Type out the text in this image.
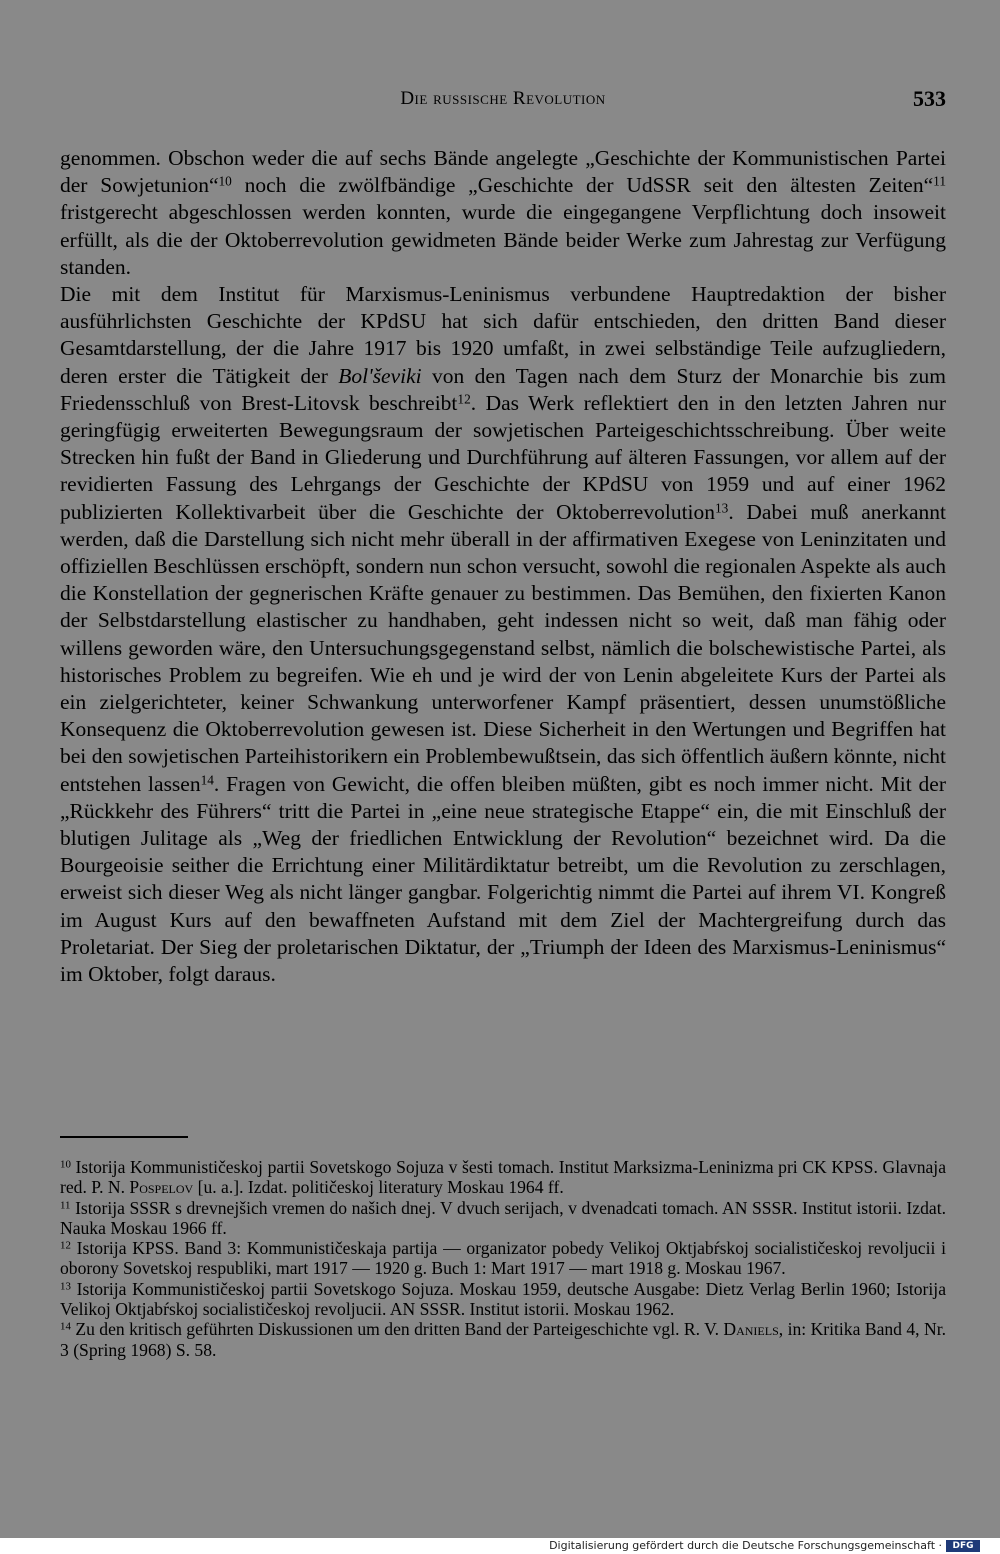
Die russische Revolution	533

genommen. Obschon weder die auf sechs Bände angelegte „Geschichte der Kommunistischen Partei der Sowjetunion“$^{10}$ noch die zwölfbändige „Geschichte der UdSSR seit den ältesten Zeiten“$^{11}$ fristgerecht abgeschlossen werden konnten, wurde die eingegangene Verpflichtung doch insoweit erfüllt, als die der Oktoberrevolution gewidmeten Bände beider Werke zum Jahrestag zur Verfügung standen.

Die mit dem Institut für Marxismus-Leninismus verbundene Hauptredaktion der bisher ausführlichsten Geschichte der KPdSU hat sich dafür entschieden, den dritten Band dieser Gesamtdarstellung, der die Jahre 1917 bis 1920 umfaßt, in zwei selbständige Teile aufzugliedern, deren erster die Tätigkeit der Bol'ševiki von den Tagen nach dem Sturz der Monarchie bis zum Friedensschluß von Brest-Litovsk beschreibt$^{12}$. Das Werk reflektiert den in den letzten Jahren nur geringfügig erweiterten Bewegungsraum der sowjetischen Parteigeschichtsschreibung. Über weite Strecken hin fußt der Band in Gliederung und Durchführung auf älteren Fassungen, vor allem auf der revidierten Fassung des Lehrgangs der Geschichte der KPdSU von 1959 und auf einer 1962 publizierten Kollektivarbeit über die Geschichte der Oktoberrevolution$^{13}$. Dabei muß anerkannt werden, daß die Darstellung sich nicht mehr überall in der affirmativen Exegese von Leninzitaten und offiziellen Beschlüssen erschöpft, sondern nun schon versucht, sowohl die regionalen Aspekte als auch die Konstellation der gegnerischen Kräfte genauer zu bestimmen. Das Bemühen, den fixierten Kanon der Selbstdarstellung elastischer zu handhaben, geht indessen nicht so weit, daß man fähig oder willens geworden wäre, den Untersuchungsgegenstand selbst, nämlich die bolschewistische Partei, als historisches Problem zu begreifen. Wie eh und je wird der von Lenin abgeleitete Kurs der Partei als ein zielgerichteter, keiner Schwankung unterworfener Kampf präsentiert, dessen unumstößliche Konsequenz die Oktoberrevolution gewesen ist. Diese Sicherheit in den Wertungen und Begriffen hat bei den sowjetischen Parteihistorikern ein Problembewußtsein, das sich öffentlich äußern könnte, nicht entstehen lassen$^{14}$. Fragen von Gewicht, die offen bleiben müßten, gibt es noch immer nicht. Mit der „Rückkehr des Führers“ tritt die Partei in „eine neue strategische Etappe“ ein, die mit Einschluß der blutigen Julitage als „Weg der friedlichen Entwicklung der Revolution“ bezeichnet wird. Da die Bourgeoisie seither die Errichtung einer Militärdiktatur betreibt, um die Revolution zu zerschlagen, erweist sich dieser Weg als nicht länger gangbar. Folgerichtig nimmt die Partei auf ihrem VI. Kongreß im August Kurs auf den bewaffneten Aufstand mit dem Ziel der Machtergreifung durch das Proletariat. Der Sieg der proletarischen Diktatur, der „Triumph der Ideen des Marxismus-Leninismus“ im Oktober, folgt daraus.

$^{10}$ Istorija Kommunističeskoj partii Sovetskogo Sojuza v šesti tomach. Institut Marksizma-Leninizma pri CK KPSS. Glavnaja red. P. N. Pospelov [u. a.]. Izdat. političeskoj literatury Moskau 1964 ff.

$^{11}$ Istorija SSSR s drevnejšich vremen do našich dnej. V dvuch serijach, v dvenadcati tomach. AN SSSR. Institut istorii. Izdat. Nauka Moskau 1966 ff.

$^{12}$ Istorija KPSS. Band 3: Kommunističeskaja partija — organizator pobedy Velikoj Oktjabŕskoj socialističeskoj revoljucii i oborony Sovetskoj respubliki, mart 1917 — 1920 g. Buch 1: Mart 1917 — mart 1918 g. Moskau 1967.

$^{13}$ Istorija Kommunističeskoj partii Sovetskogo Sojuza. Moskau 1959, deutsche Ausgabe: Dietz Verlag Berlin 1960; Istorija Velikoj Oktjabŕskoj socialističeskoj revoljucii. AN SSSR. Institut istorii. Moskau 1962.

$^{14}$ Zu den kritisch geführten Diskussionen um den dritten Band der Parteigeschichte vgl. R. V. Daniels, in: Kritika Band 4, Nr. 3 (Spring 1968) S. 58.

Digitalisierung gefördert durch die Deutsche Forschungsgemeinschaft ·	DFG
